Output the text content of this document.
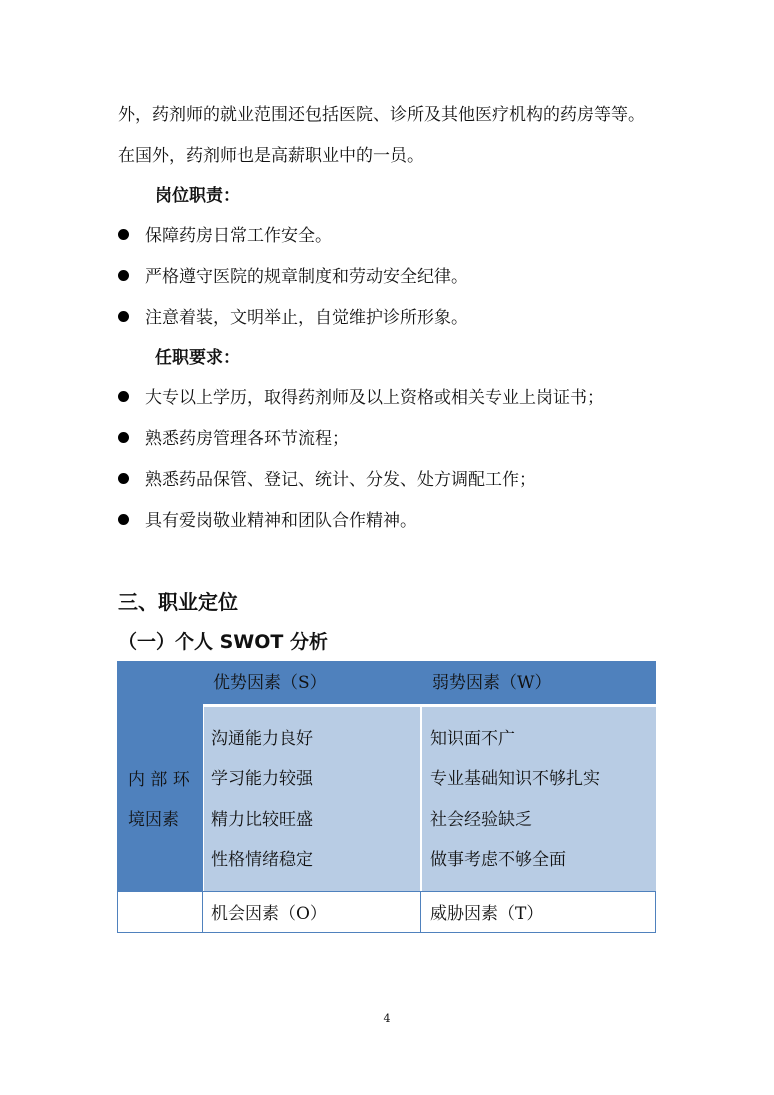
外，药剂师的就业范围还包括医院、诊所及其他医疗机构的药房等等。
在国外，药剂师也是高薪职业中的一员。
岗位职责：
保障药房日常工作安全。
严格遵守医院的规章制度和劳动安全纪律。
注意着装，文明举止，自觉维护诊所形象。
任职要求：
大专以上学历，取得药剂师及以上资格或相关专业上岗证书；
熟悉药房管理各环节流程；
熟悉药品保管、登记、统计、分发、处方调配工作；
具有爱岗敬业精神和团队合作精神。
三、职业定位
（一）个人 SWOT 分析
优势因素（S）	弱势因素（W）
内 部 环
境因素
沟通能力良好
学习能力较强
精力比较旺盛
性格情绪稳定
知识面不广
专业基础知识不够扎实
社会经验缺乏
做事考虑不够全面
机会因素（O）	威胁因素（T）
4
